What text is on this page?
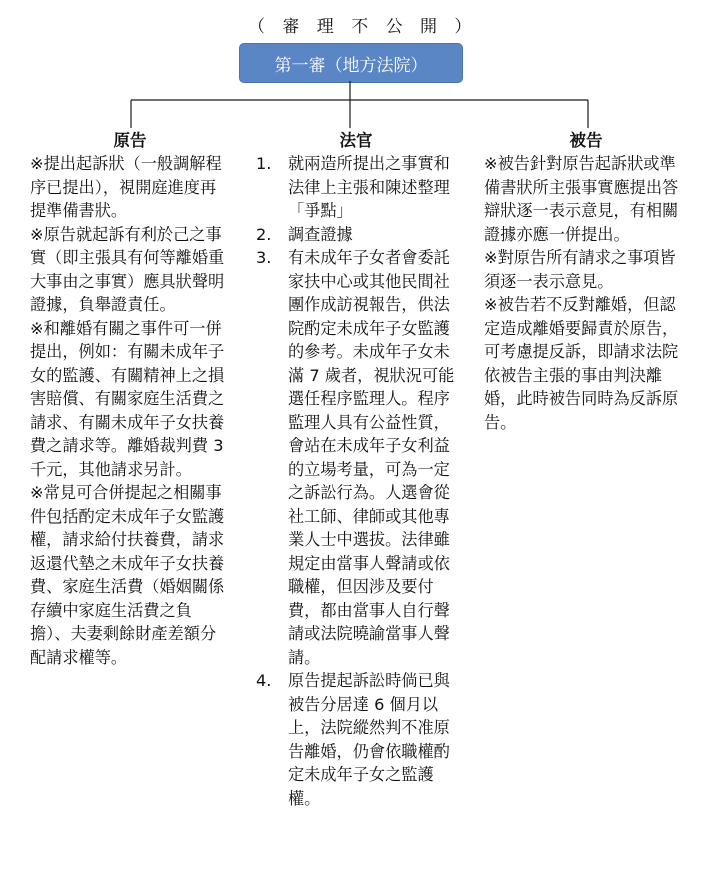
（ 審 理 不 公 開 ）
第一審（地方法院）
原告

※提出起訴狀（一般調解程序已提出），視開庭進度再提準備書狀。

※原告就起訴有利於己之事實（即主張具有何等離婚重大事由之事實）應具狀聲明證據，負舉證責任。

※和離婚有關之事件可一併提出，例如：有關未成年子女的監護、有關精神上之損害賠償、有關家庭生活費之請求、有關未成年子女扶養費之請求等。離婚裁判費 3 千元，其他請求另計。

※常見可合併提起之相關事件包括酌定未成年子女監護權，請求給付扶養費，請求返還代墊之未成年子女扶養費、家庭生活費（婚姻關係存續中家庭生活費之負擔）、夫妻剩餘財產差額分配請求權等。

法官
1. 就兩造所提出之事實和法律上主張和陳述整理「爭點」
2. 調查證據
3. 有未成年子女者會委託家扶中心或其他民間社團作成訪視報告，供法院酌定未成年子女監護的參考。未成年子女未滿 7 歲者，視狀況可能選任程序監理人。程序監理人具有公益性質，會站在未成年子女利益的立場考量，可為一定之訴訟行為。人選會從社工師、律師或其他專業人士中選拔。法律雖規定由當事人聲請或依職權，但因涉及要付費，都由當事人自行聲請或法院曉諭當事人聲請。
4. 原告提起訴訟時倘已與被告分居達 6 個月以上，法院縱然判不准原告離婚，仍會依職權酌定未成年子女之監護權。
被告

※被告針對原告起訴狀或準備書狀所主張事實應提出答辯狀逐一表示意見，有相關證據亦應一併提出。

※對原告所有請求之事項皆須逐一表示意見。

※被告若不反對離婚，但認定造成離婚要歸責於原告，可考慮提反訴，即請求法院依被告主張的事由判決離婚，此時被告同時為反訴原告。
